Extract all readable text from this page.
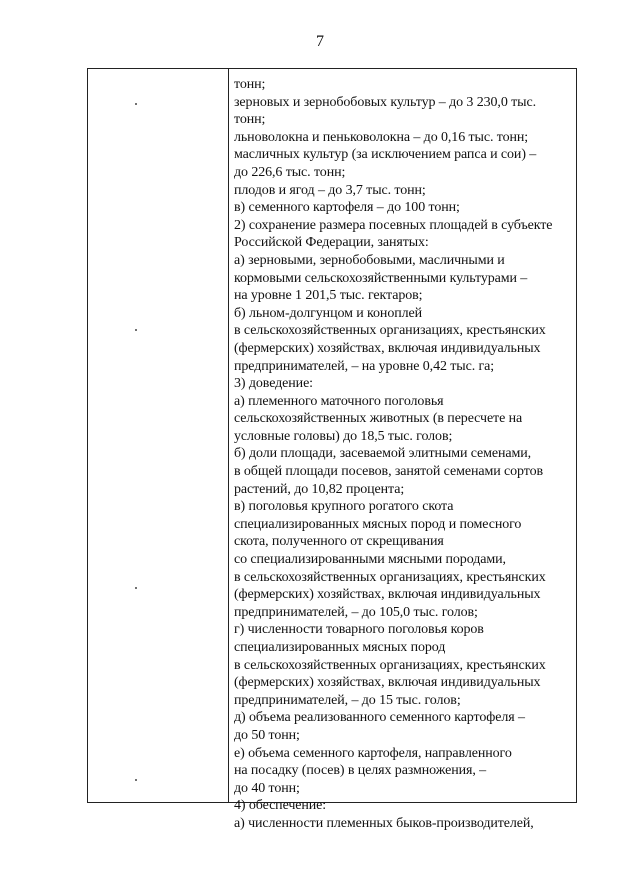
7
тонн;
зерновых и зернобобовых культур – до 3 230,0 тыс.
тонн;
льноволокна и пеньковолокна – до 0,16 тыс. тонн;
масличных культур (за исключением рапса и сои) –
до 226,6 тыс. тонн;
плодов и ягод – до 3,7 тыс. тонн;
в) семенного картофеля – до 100 тонн;
2) сохранение размера посевных площадей в субъекте
Российской Федерации, занятых:
а) зерновыми, зернобобовыми, масличными и
кормовыми сельскохозяйственными культурами –
на уровне 1 201,5 тыс. гектаров;
б) льном-долгунцом и коноплей
в сельскохозяйственных организациях, крестьянских
(фермерских) хозяйствах, включая индивидуальных
предпринимателей, – на уровне 0,42 тыс. га;
3) доведение:
а) племенного маточного поголовья
сельскохозяйственных животных (в пересчете на
условные головы) до 18,5 тыс. голов;
б) доли площади, засеваемой элитными семенами,
в общей площади посевов, занятой семенами сортов
растений, до 10,82 процента;
в) поголовья крупного рогатого скота
специализированных мясных пород и помесного
скота, полученного от скрещивания
со специализированными мясными породами,
в сельскохозяйственных организациях, крестьянских
(фермерских) хозяйствах, включая индивидуальных
предпринимателей, – до 105,0 тыс. голов;
г) численности товарного поголовья коров
специализированных мясных пород
в сельскохозяйственных организациях, крестьянских
(фермерских) хозяйствах, включая индивидуальных
предпринимателей, – до 15 тыс. голов;
д) объема реализованного семенного картофеля –
до 50 тонн;
е) объема семенного картофеля, направленного
на посадку (посев) в целях размножения, –
до 40 тонн;
4) обеспечение:
а) численности племенных быков-производителей,
